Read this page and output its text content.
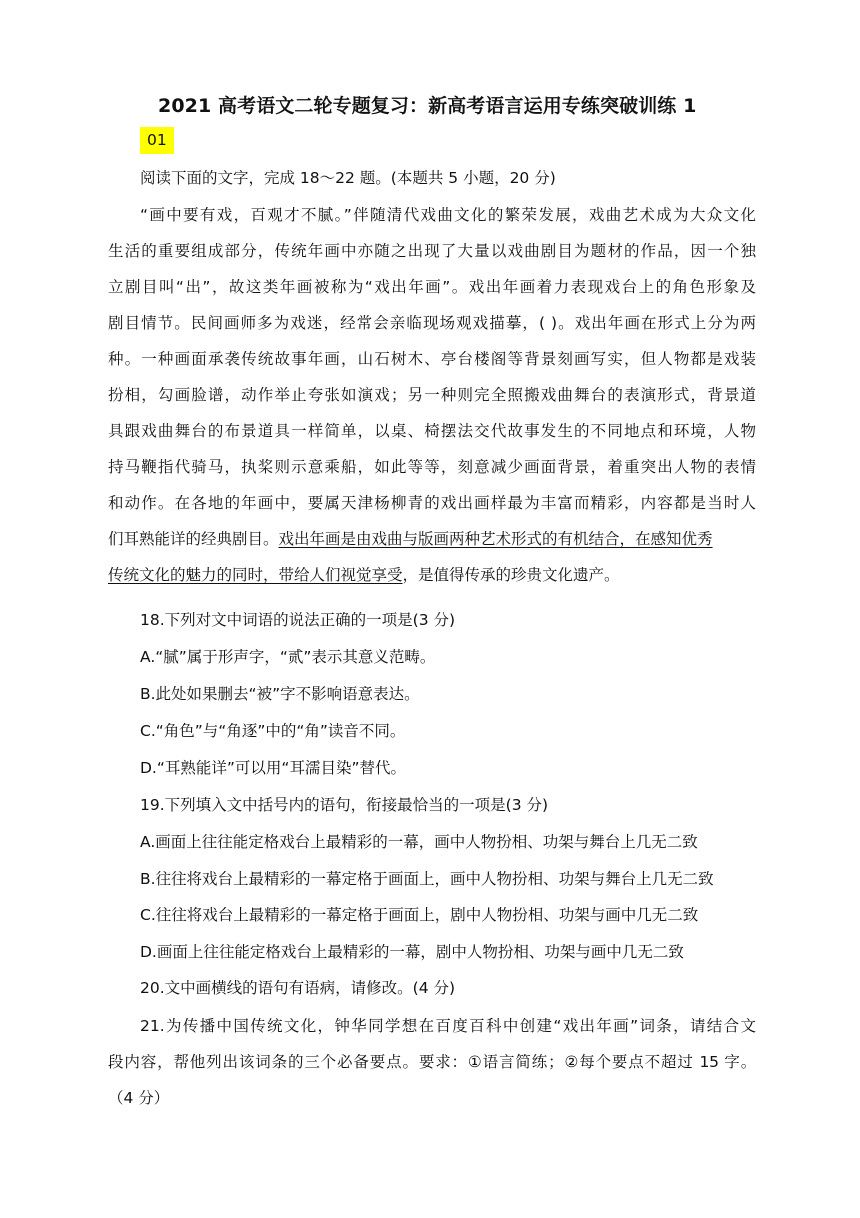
2021 高考语文二轮专题复习：新高考语言运用专练突破训练 1
01
阅读下面的文字，完成 18～22 题。(本题共 5 小题，20 分)
“画中要有戏，百观才不腻。”伴随清代戏曲文化的繁荣发展，戏曲艺术成为大众文化
生活的重要组成部分，传统年画中亦随之出现了大量以戏曲剧目为题材的作品，因一个独
立剧目叫“出”，故这类年画被称为“戏出年画”。戏出年画着力表现戏台上的角色形象及
剧目情节。民间画师多为戏迷，经常会亲临现场观戏描摹，( )。戏出年画在形式上分为两
种。一种画面承袭传统故事年画，山石树木、亭台楼阁等背景刻画写实，但人物都是戏装
扮相，勾画脸谱，动作举止夸张如演戏；另一种则完全照搬戏曲舞台的表演形式，背景道
具跟戏曲舞台的布景道具一样简单，以桌、椅摆法交代故事发生的不同地点和环境，人物
持马鞭指代骑马，执桨则示意乘船，如此等等，刻意减少画面背景，着重突出人物的表情
和动作。在各地的年画中，要属天津杨柳青的戏出画样最为丰富而精彩，内容都是当时人
们耳熟能详的经典剧目。戏出年画是由戏曲与版画两种艺术形式的有机结合，在感知优秀
传统文化的魅力的同时，带给人们视觉享受，是值得传承的珍贵文化遗产。
18.下列对文中词语的说法正确的一项是(3 分)
A.“腻”属于形声字，“贰”表示其意义范畴。
B.此处如果删去“被”字不影响语意表达。
C.“角色”与“角逐”中的“角”读音不同。
D.“耳熟能详”可以用“耳濡目染”替代。
19.下列填入文中括号内的语句，衔接最恰当的一项是(3 分)
A.画面上往往能定格戏台上最精彩的一幕，画中人物扮相、功架与舞台上几无二致
B.往往将戏台上最精彩的一幕定格于画面上，画中人物扮相、功架与舞台上几无二致
C.往往将戏台上最精彩的一幕定格于画面上，剧中人物扮相、功架与画中几无二致
D.画面上往往能定格戏台上最精彩的一幕，剧中人物扮相、功架与画中几无二致
20.文中画横线的语句有语病，请修改。(4 分)
21.为传播中国传统文化，钟华同学想在百度百科中创建“戏出年画”词条，请结合文
段内容，帮他列出该词条的三个必备要点。要求：①语言简练；②每个要点不超过 15 字。
（4 分）
